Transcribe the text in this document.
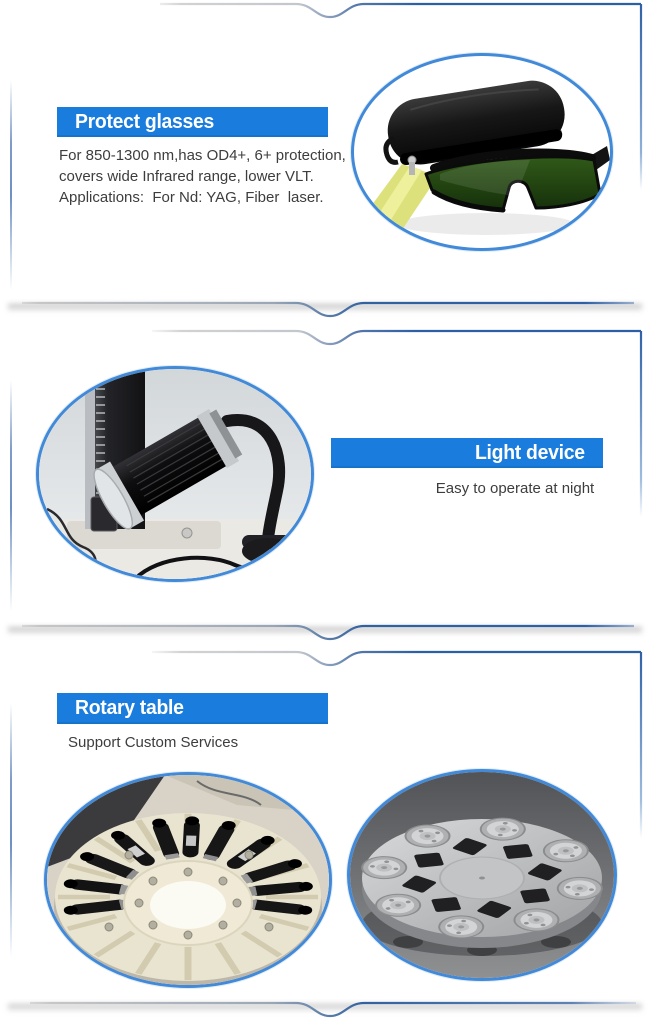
Protect glasses
For 850-1300 nm,has OD4+, 6+ protection,
covers wide Infrared range, lower VLT.
Applications:  For Nd: YAG, Fiber  laser.
Light device
Easy to operate at night
Rotary table
Support Custom Services
